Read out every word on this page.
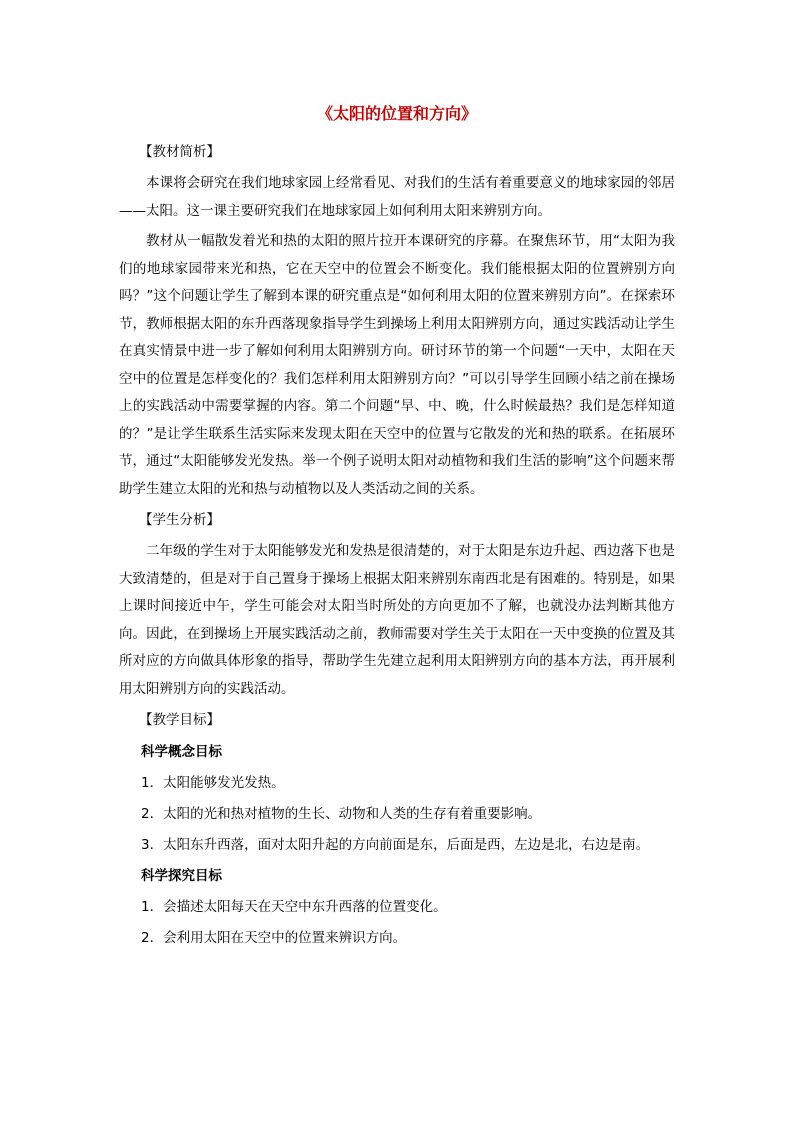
《太阳的位置和方向》
【教材简析】

本课将会研究在我们地球家园上经常看见、对我们的生活有着重要意义的地球家园的邻居——太阳。这一课主要研究我们在地球家园上如何利用太阳来辨别方向。

教材从一幅散发着光和热的太阳的照片拉开本课研究的序幕。在聚焦环节，用“太阳为我们的地球家园带来光和热，它在天空中的位置会不断变化。我们能根据太阳的位置辨别方向吗？”这个问题让学生了解到本课的研究重点是“如何利用太阳的位置来辨别方向”。在探索环节，教师根据太阳的东升西落现象指导学生到操场上利用太阳辨别方向，通过实践活动让学生在真实情景中进一步了解如何利用太阳辨别方向。研讨环节的第一个问题“一天中，太阳在天空中的位置是怎样变化的？我们怎样利用太阳辨别方向？”可以引导学生回顾小结之前在操场上的实践活动中需要掌握的内容。第二个问题“早、中、晚，什么时候最热？我们是怎样知道的？”是让学生联系生活实际来发现太阳在天空中的位置与它散发的光和热的联系。在拓展环节，通过“太阳能够发光发热。举一个例子说明太阳对动植物和我们生活的影响”这个问题来帮助学生建立太阳的光和热与动植物以及人类活动之间的关系。

【学生分析】

二年级的学生对于太阳能够发光和发热是很清楚的，对于太阳是东边升起、西边落下也是大致清楚的，但是对于自己置身于操场上根据太阳来辨别东南西北是有困难的。特别是，如果上课时间接近中午，学生可能会对太阳当时所处的方向更加不了解，也就没办法判断其他方向。因此，在到操场上开展实践活动之前，教师需要对学生关于太阳在一天中变换的位置及其所对应的方向做具体形象的指导，帮助学生先建立起利用太阳辨别方向的基本方法，再开展利用太阳辨别方向的实践活动。

【教学目标】
科学概念目标
1．太阳能够发光发热。
2．太阳的光和热对植物的生长、动物和人类的生存有着重要影响。
3．太阳东升西落，面对太阳升起的方向前面是东，后面是西，左边是北，右边是南。
科学探究目标
1．会描述太阳每天在天空中东升西落的位置变化。
2．会利用太阳在天空中的位置来辨识方向。
